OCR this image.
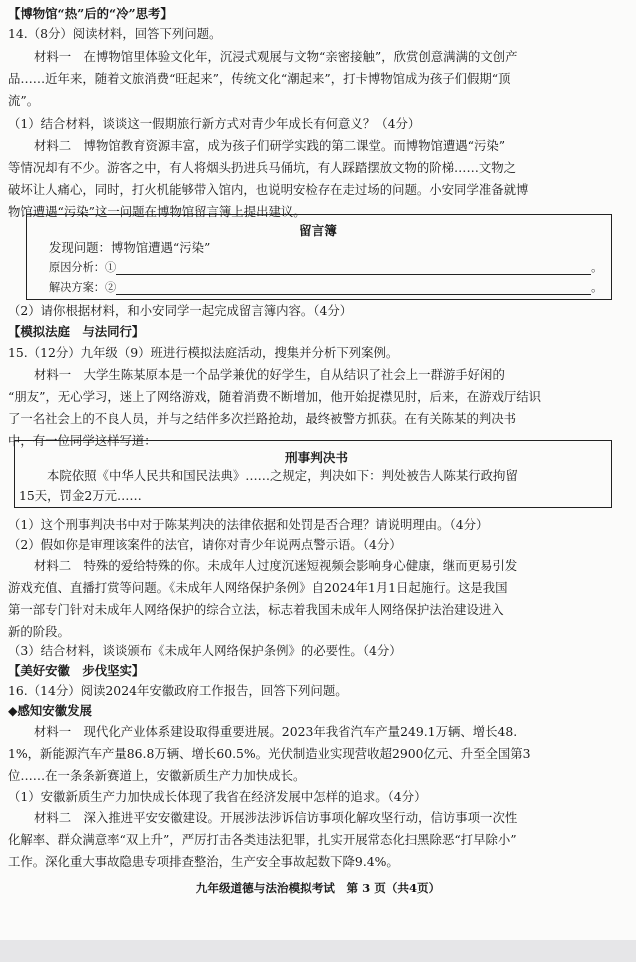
【博物馆“热”后的“冷”思考】
14.（8分）阅读材料，回答下列问题。
材料一　在博物馆里体验文化年，沉浸式观展与文物“亲密接触”，欣赏创意满满的文创产
品……近年来，随着文旅消费“旺起来”，传统文化“潮起来”，打卡博物馆成为孩子们假期“顶
流”。
（1）结合材料，谈谈这一假期旅行新方式对青少年成长有何意义？（4分）
材料二　博物馆教育资源丰富，成为孩子们研学实践的第二课堂。而博物馆遭遇“污染”
等情况却有不少。游客之中，有人将烟头扔进兵马俑坑，有人踩踏摆放文物的阶梯……文物之
破坏让人痛心，同时，打火机能够带入馆内，也说明安检存在走过场的问题。小安同学准备就博
物馆遭遇“污染”这一问题在博物馆留言簿上提出建议。
留言簿
发现问题：博物馆遭遇“污染”
原因分析：①	。
解决方案：②	。
（2）请你根据材料，和小安同学一起完成留言簿内容。（4分）
【模拟法庭　与法同行】
15.（12分）九年级（9）班进行模拟法庭活动，搜集并分析下列案例。
材料一　大学生陈某原本是一个品学兼优的好学生，自从结识了社会上一群游手好闲的
“朋友”，无心学习，迷上了网络游戏，随着消费不断增加，他开始捉襟见肘，后来，在游戏厅结识
了一名社会上的不良人员，并与之结伴多次拦路抢劫，最终被警方抓获。在有关陈某的判决书
中，有一位同学这样写道：
刑事判决书
本院依照《中华人民共和国民法典》……之规定，判决如下：判处被告人陈某行政拘留
15天，罚金2万元……
（1）这个刑事判决书中对于陈某判决的法律依据和处罚是否合理？请说明理由。（4分）
（2）假如你是审理该案件的法官，请你对青少年说两点警示语。（4分）
材料二　特殊的爱给特殊的你。未成年人过度沉迷短视频会影响身心健康，继而更易引发
游戏充值、直播打赏等问题。《未成年人网络保护条例》自2024年1月1日起施行。这是我国
第一部专门针对未成年人网络保护的综合立法，标志着我国未成年人网络保护法治建设进入
新的阶段。
（3）结合材料，谈谈颁布《未成年人网络保护条例》的必要性。（4分）
【美好安徽　步伐坚实】
16.（14分）阅读2024年安徽政府工作报告，回答下列问题。
◆感知安徽发展
材料一　现代化产业体系建设取得重要进展。2023年我省汽车产量249.1万辆、增长48.
1%，新能源汽车产量86.8万辆、增长60.5%。光伏制造业实现营收超2900亿元、升至全国第3
位……在一条条新赛道上，安徽新质生产力加快成长。
（1）安徽新质生产力加快成长体现了我省在经济发展中怎样的追求。（4分）
材料二　深入推进平安安徽建设。开展涉法涉诉信访事项化解攻坚行动，信访事项一次性
化解率、群众满意率“双上升”，严厉打击各类违法犯罪，扎实开展常态化扫黑除恶“打早除小”
工作。深化重大事故隐患专项排查整治，生产安全事故起数下降9.4%。
九年级道德与法治模拟考试　第 3 页（共4页）
